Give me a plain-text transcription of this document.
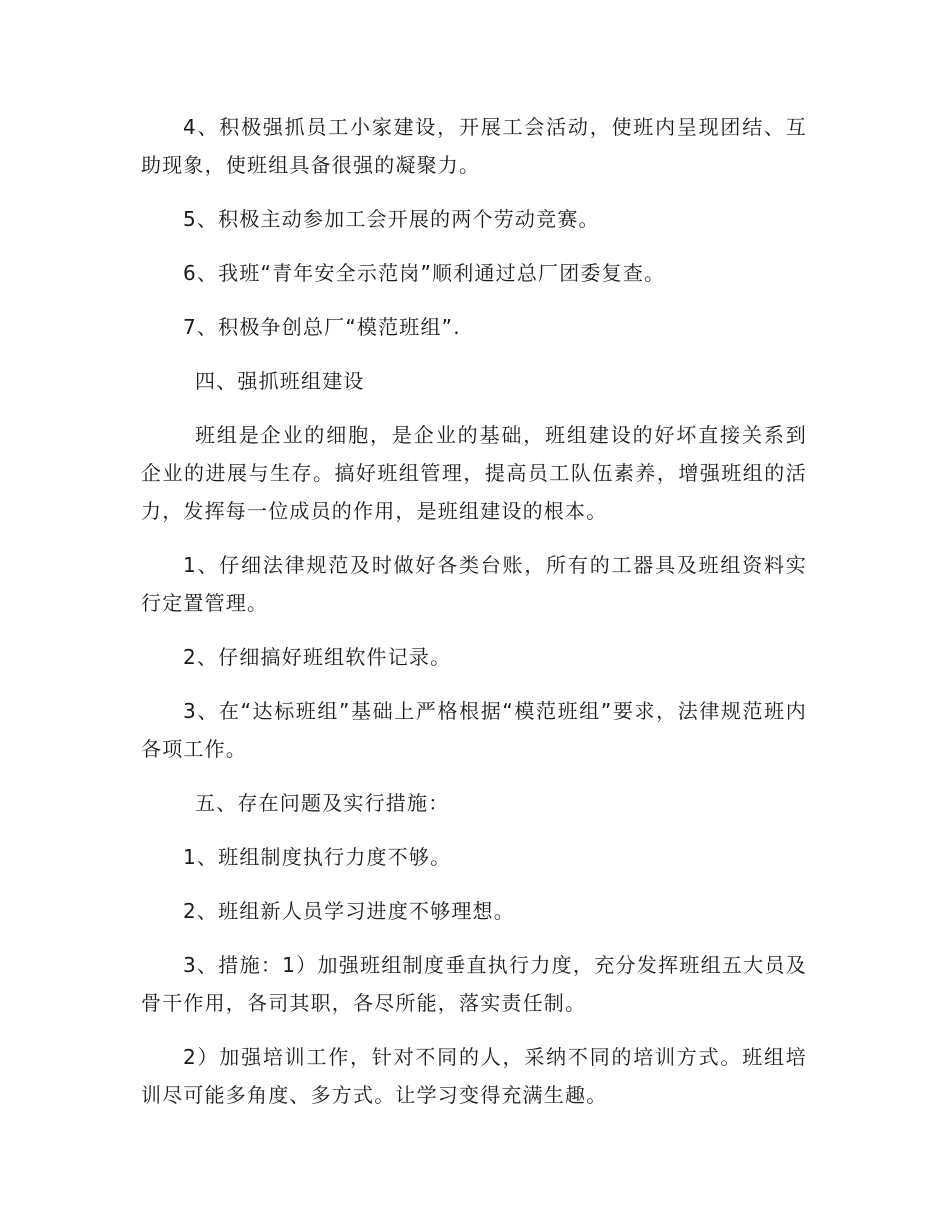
4、积极强抓员工小家建设，开展工会活动，使班内呈现团结、互助现象，使班组具备很强的凝聚力。

5、积极主动参加工会开展的两个劳动竞赛。

6、我班“青年安全示范岗”顺利通过总厂团委复查。

7、积极争创总厂“模范班组”.

四、强抓班组建设

班组是企业的细胞，是企业的基础，班组建设的好坏直接关系到企业的进展与生存。搞好班组管理，提高员工队伍素养，增强班组的活力，发挥每一位成员的作用，是班组建设的根本。

1、仔细法律规范及时做好各类台账，所有的工器具及班组资料实行定置管理。

2、仔细搞好班组软件记录。

3、在“达标班组”基础上严格根据“模范班组”要求，法律规范班内各项工作。

五、存在问题及实行措施：

1、班组制度执行力度不够。

2、班组新人员学习进度不够理想。

3、措施：1）加强班组制度垂直执行力度，充分发挥班组五大员及骨干作用，各司其职，各尽所能，落实责任制。

2）加强培训工作，针对不同的人，采纳不同的培训方式。班组培训尽可能多角度、多方式。让学习变得充满生趣。
